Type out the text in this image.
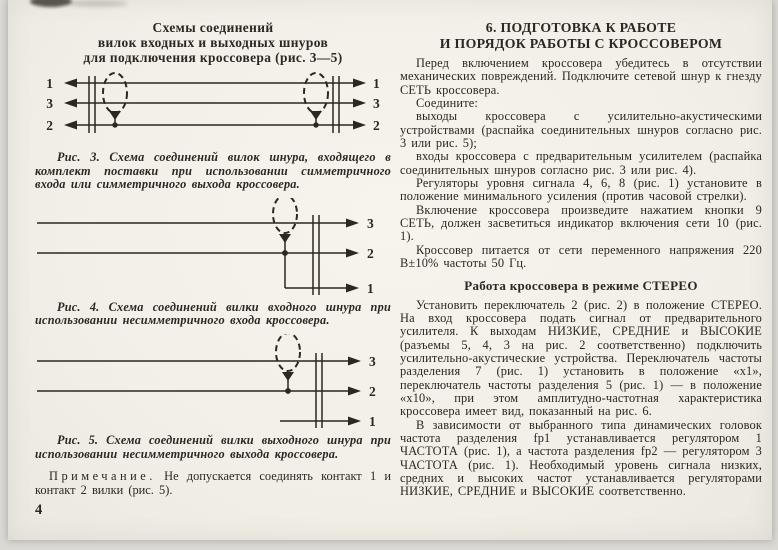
Схемы соединений
вилок входных и выходных шнуров
для подключения кроссовера (рис. 3—5)
1
3
2
1
3
2

Рис. 3. Схема соединений вилок шнура, входящего в комплект поставки при использовании симметричного входа или симметричного выхода кроссовера.

3
2
1

Рис. 4. Схема соединений вилки входного шнура при использовании несимметричного входа кроссовера.

3
2
1

Рис. 5. Схема соединений вилки выходного шнура при использовании несимметричного выхода кроссовера.

Примечание. Не допускается соединять контакт 1 и контакт 2 вилки (рис. 5).

4
6. ПОДГОТОВКА К РАБОТЕ
И ПОРЯДОК РАБОТЫ С КРОССОВЕРОМ

Перед включением кроссовера убедитесь в отсутствии механических повреждений. Подключите сетевой шнур к гнезду СЕТЬ кроссовера.

Соедините:

выходы кроссовера с усилительно-акустическими устройствами (распайка соединительных шнуров согласно рис. 3 или рис. 5);

входы кроссовера с предварительным усилителем (распайка соединительных шнуров согласно рис. 3 или рис. 4).

Регуляторы уровня сигнала 4, 6, 8 (рис. 1) установите в положение минимального усиления (против часовой стрелки).

Включение кроссовера произведите нажатием кнопки 9 СЕТЬ, должен засветиться индикатор включения сети 10 (рис. 1).

Кроссовер питается от сети переменного напряжения 220 В±10% частоты 50 Гц.

Работа кроссовера в режиме СТЕРЕО

Установить переключатель 2 (рис. 2) в положение СТЕРЕО. На вход кроссовера подать сигнал от предварительного усилителя. К выходам НИЗКИЕ, СРЕДНИЕ и ВЫСОКИЕ (разъемы 5, 4, 3 на рис. 2 соответственно) подключить усилительно-акустические устройства. Переключатель частоты разделения 7 (рис. 1) установить в положение «х1», переключатель частоты разделения 5 (рис. 1) — в положение «х10», при этом амплитудно-частотная характеристика кроссовера имеет вид, показанный на рис. 6.

В зависимости от выбранного типа динамических головок частота разделения fp1 устанавливается регулятором 1 ЧАСТОТА (рис. 1), а частота разделения fp2 — регулятором 3 ЧАСТОТА (рис. 1). Необходимый уровень сигнала низких, средних и высоких частот устанавливается регуляторами НИЗКИЕ, СРЕДНИЕ и ВЫСОКИЕ соответственно.
